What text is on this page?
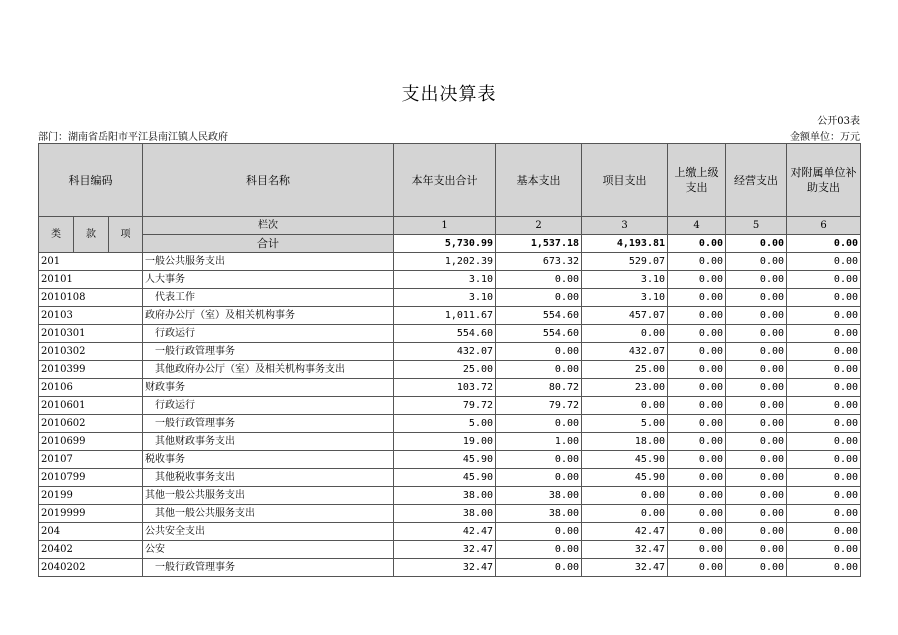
支出决算表
公开03表
部门：湖南省岳阳市平江县南江镇人民政府	金额单位：万元
科目编码			科目名称	本年支出合计	基本支出	项目支出	上缴上级支出	经营支出	对附属单位补助支出
类	款	项	栏次	1	2	3	4	5	6
			合计	5,730.99	1,537.18	4,193.81	0.00	0.00	0.00
201			一般公共服务支出	1,202.39	673.32	529.07	0.00	0.00	0.00
20101			人大事务	3.10	0.00	3.10	0.00	0.00	0.00
2010108			代表工作	3.10	0.00	3.10	0.00	0.00	0.00
20103			政府办公厅（室）及相关机构事务	1,011.67	554.60	457.07	0.00	0.00	0.00
2010301			行政运行	554.60	554.60	0.00	0.00	0.00	0.00
2010302			一般行政管理事务	432.07	0.00	432.07	0.00	0.00	0.00
2010399			其他政府办公厅（室）及相关机构事务支出	25.00	0.00	25.00	0.00	0.00	0.00
20106			财政事务	103.72	80.72	23.00	0.00	0.00	0.00
2010601			行政运行	79.72	79.72	0.00	0.00	0.00	0.00
2010602			一般行政管理事务	5.00	0.00	5.00	0.00	0.00	0.00
2010699			其他财政事务支出	19.00	1.00	18.00	0.00	0.00	0.00
20107			税收事务	45.90	0.00	45.90	0.00	0.00	0.00
2010799			其他税收事务支出	45.90	0.00	45.90	0.00	0.00	0.00
20199			其他一般公共服务支出	38.00	38.00	0.00	0.00	0.00	0.00
2019999			其他一般公共服务支出	38.00	38.00	0.00	0.00	0.00	0.00
204			公共安全支出	42.47	0.00	42.47	0.00	0.00	0.00
20402			公安	32.47	0.00	32.47	0.00	0.00	0.00
2040202			一般行政管理事务	32.47	0.00	32.47	0.00	0.00	0.00
